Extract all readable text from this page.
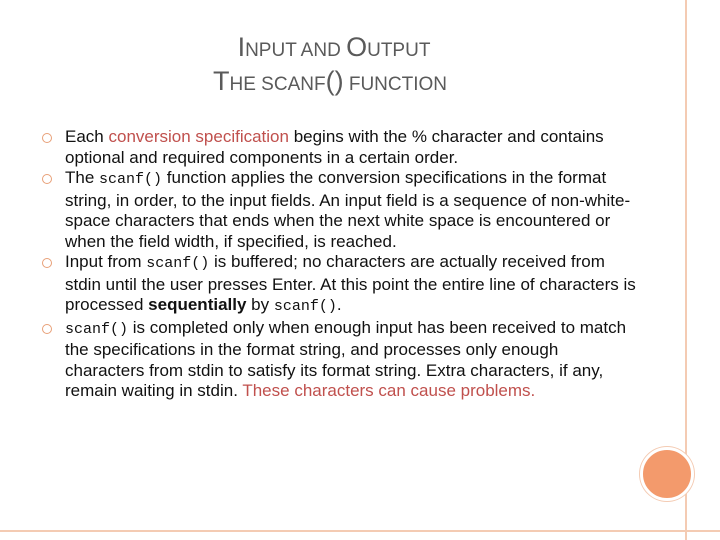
INPUT AND OUTPUT
THE SCANF() FUNCTION
Each conversion specification begins with the % character and contains optional and required components in a certain order.
The scanf() function applies the conversion specifications in the format string, in order, to the input fields. An input field is a sequence of non-white-space characters that ends when the next white space is encountered or when the field width, if specified, is reached.
Input from scanf() is buffered; no characters are actually received from stdin until the user presses Enter. At this point the entire line of characters is processed sequentially by scanf().
scanf() is completed only when enough input has been received to match the specifications in the format string, and processes only enough characters from stdin to satisfy its format string. Extra characters, if any, remain waiting in stdin. These characters can cause problems.
